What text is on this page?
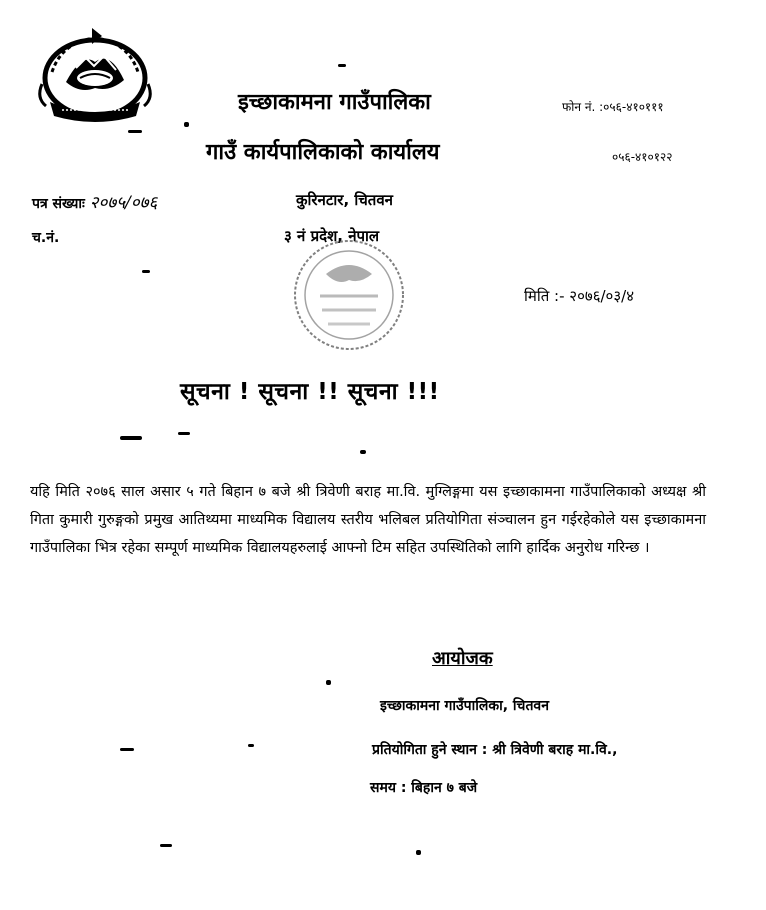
इच्छाकामना गाउँपालिका
गाउँ कार्यपालिकाको कार्यालय
फोन नं. :०५६-४१०१११
०५६-४१०१२२
पत्र संख्याः २०७५/०७६
च.नं.
कुरिनटार, चितवन
३ नं प्रदेश, नेपाल
मिति :- २०७६/०३/४
सूचना ! सूचना !! सूचना !!!
यहि मिति २०७६ साल असार ५ गते बिहान ७ बजे श्री त्रिवेणी बराह मा.वि. मुग्लिङ्गमा यस इच्छाकामना गाउँपालिकाको अध्यक्ष श्री गिता कुमारी गुरुङ्गको प्रमुख आतिथ्यमा माध्यमिक विद्यालय स्तरीय भलिबल प्रतियोगिता संञ्चालन हुन गईरहेकोले यस इच्छाकामना गाउँपालिका भित्र रहेका सम्पूर्ण माध्यमिक विद्यालयहरुलाई आफ्नो टिम सहित उपस्थितिको लागि हार्दिक अनुरोध गरिन्छ ।
आयोजक
इच्छाकामना गाउँपालिका, चितवन
प्रतियोगिता हुने स्थान : श्री त्रिवेणी बराह मा.वि.,
समय : बिहान ७ बजे
